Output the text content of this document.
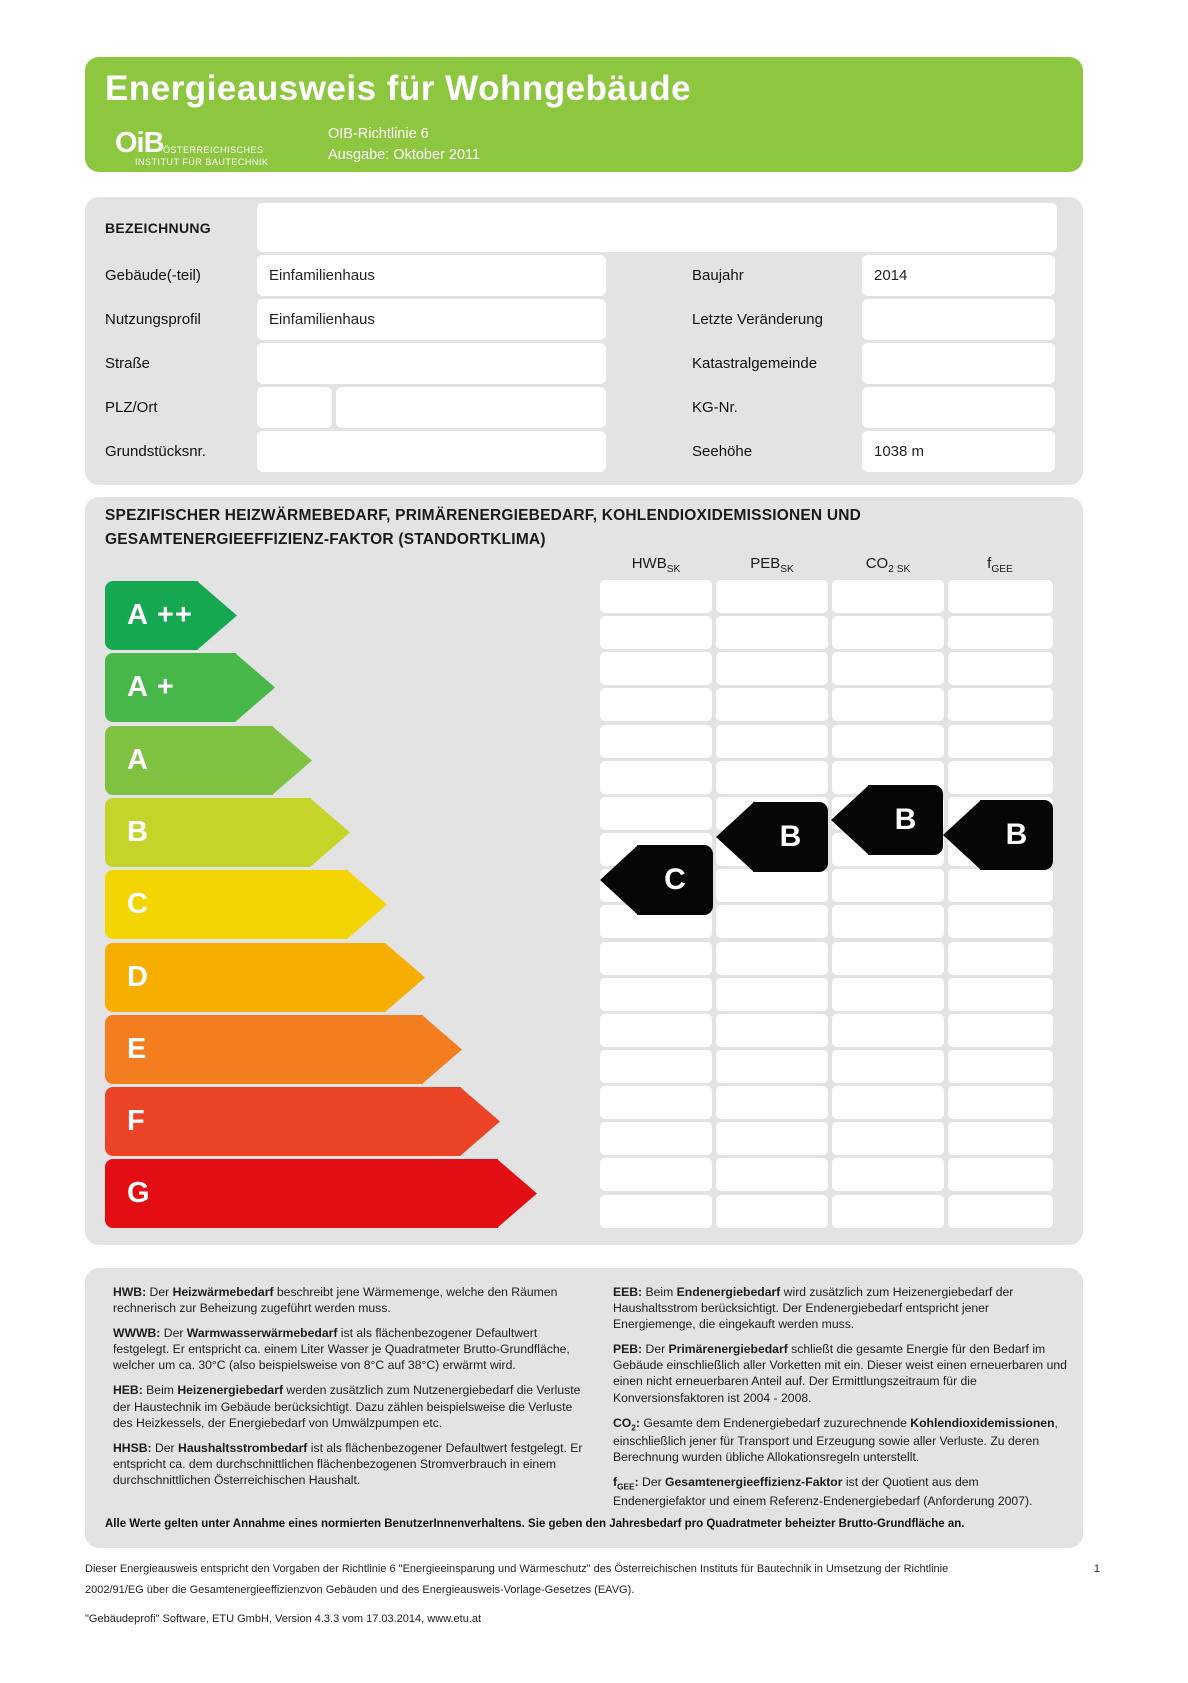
Energieausweis für Wohngebäude
OiB ÖSTERREICHISCHES
INSTITUT FÜR BAUTECHNIK
OIB-Richtlinie 6
Ausgabe: Oktober 2011
BEZEICHNUNG
Gebäude(-teil)	Einfamilienhaus	Baujahr	2014
Nutzungsprofil	Einfamilienhaus	Letzte Veränderung
Straße	Katastralgemeinde
PLZ/Ort	KG-Nr.
Grundstücksnr.	Seehöhe	1038 m
SPEZIFISCHER HEIZWÄRMEBEDARF, PRIMÄRENERGIEBEDARF, KOHLENDIOXIDEMISSIONEN UND
GESAMTENERGIEEFFIZIENZ-FAKTOR (STANDORTKLIMA)
$HWB_{SK}$	$PEB_{SK}$	$CO_{2 SK}$	$f_{GEE}$
A ++
A +
A
B
C
D
E
F
G
C
B
B	B

HWB: Der Heizwärmebedarf beschreibt jene Wärmemenge, welche den Räumen rechnerisch zur Beheizung zugeführt werden muss.

WWWB: Der Warmwasserwärmebedarf ist als flächenbezogener Defaultwert festgelegt. Er entspricht ca. einem Liter Wasser je Quadratmeter Brutto-Grundfläche, welcher um ca. 30°C (also beispielsweise von 8°C auf 38°C) erwärmt wird.

HEB: Beim Heizenergiebedarf werden zusätzlich zum Nutzenergiebedarf die Verluste der Haustechnik im Gebäude berücksichtigt. Dazu zählen beispielsweise die Verluste des Heizkessels, der Energiebedarf von Umwälzpumpen etc.

HHSB: Der Haushaltsstrombedarf ist als flächenbezogener Defaultwert festgelegt. Er entspricht ca. dem durchschnittlichen flächenbezogenen Stromverbrauch in einem durchschnittlichen Österreichischen Haushalt.

EEB: Beim Endenergiebedarf wird zusätzlich zum Heizenergiebedarf der Haushaltsstrom berücksichtigt. Der Endenergiebedarf entspricht jener Energiemenge, die eingekauft werden muss.

PEB: Der Primärenergiebedarf schließt die gesamte Energie für den Bedarf im Gebäude einschließlich aller Vorketten mit ein. Dieser weist einen erneuerbaren und einen nicht erneuerbaren Anteil auf. Der Ermittlungszeitraum für die Konversionsfaktoren ist 2004 - 2008.

$CO_2$: Gesamte dem Endenergiebedarf zuzurechnende Kohlendioxidemissionen, einschließlich jener für Transport und Erzeugung sowie aller Verluste. Zu deren Berechnung wurden übliche Allokationsregeln unterstellt.

$f_{GEE}$: Der Gesamtenergieeffizienz-Faktor ist der Quotient aus dem Endenergiefaktor und einem Referenz-Endenergiebedarf (Anforderung 2007).

Alle Werte gelten unter Annahme eines normierten BenutzerInnenverhaltens. Sie geben den Jahresbedarf pro Quadratmeter beheizter Brutto-Grundfläche an.
Dieser Energieausweis entspricht den Vorgaben der Richtlinie 6 "Energieeinsparung und Wärmeschutz" des Österreichischen Instituts für Bautechnik in Umsetzung der Richtlinie
2002/91/EG über die Gesamtenergieeffizienzvon Gebäuden und des Energieausweis-Vorlage-Gesetzes (EAVG).
"Gebäudeprofi" Software, ETU GmbH, Version 4.3.3 vom 17.03.2014, www.etu.at
1
